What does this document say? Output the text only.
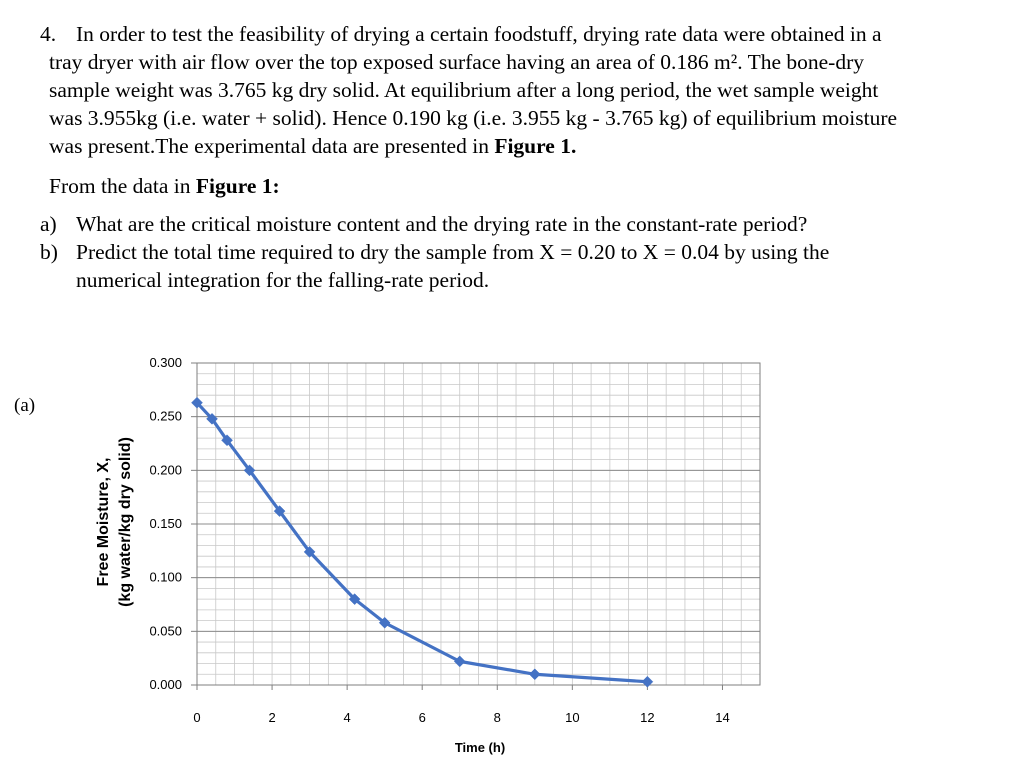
4. In order to test the feasibility of drying a certain foodstuff, drying rate data were obtained in a
tray dryer with air flow over the top exposed surface having an area of 0.186 m². The bone-dry
sample weight was 3.765 kg dry solid. At equilibrium after a long period, the wet sample weight
was 3.955kg (i.e. water + solid). Hence 0.190 kg (i.e. 3.955 kg - 3.765 kg) of equilibrium moisture
was present.The experimental data are presented in Figure 1.
From the data in Figure 1:
a) What are the critical moisture content and the drying rate in the constant-rate period?
b) Predict the total time required to dry the sample from X = 0.20 to X = 0.04 by using the
numerical integration for the falling-rate period.
(a)
0.000
0.050
0.100
0.150
0.200
0.250
0.300
0	2	4	6	8	10	12	14
Time (h)
Free Moisture, X, (kg water/kg dry solid)
